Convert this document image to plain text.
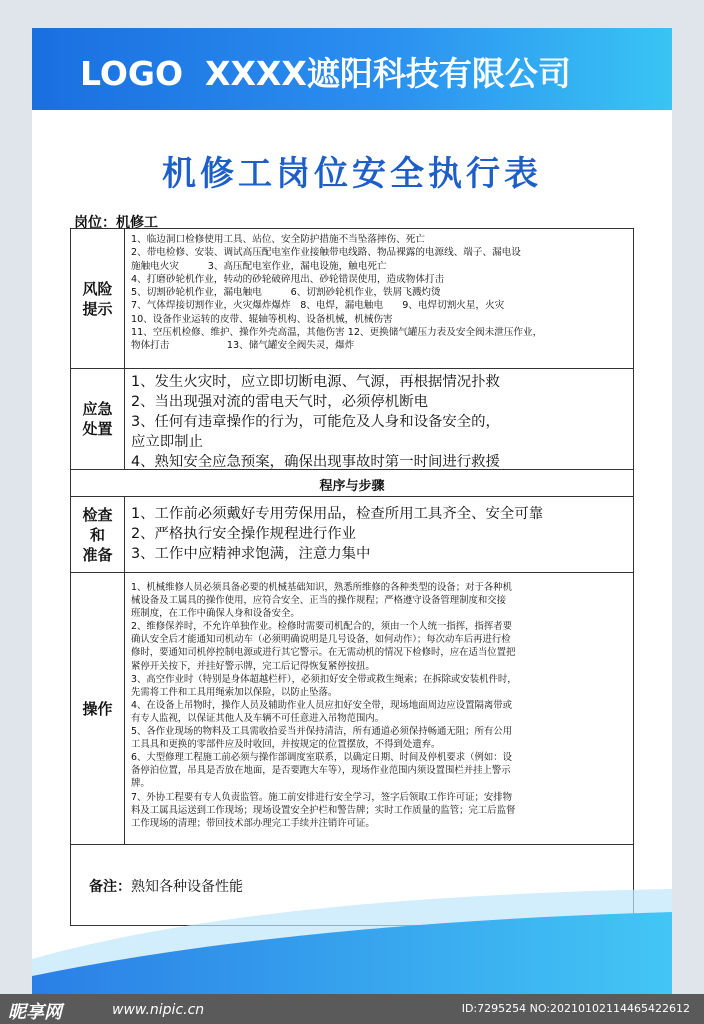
LOGO XXXX遮阳科技有限公司
机修工岗位安全执行表
岗位：机修工
风险
提示
1、临边洞口检修使用工具、站位、安全防护措施不当坠落摔伤、死亡
2、带电检修、安装、调试高压配电室作业接触带电线路、物品裸露的电源线、端子、漏电设
施触电火灾　　　3、高压配电室作业，漏电设施，触电死亡
4、打磨砂轮机作业，转动的砂轮破碎甩出、砂轮错误使用，造成物体打击
5、切割砂轮机作业，漏电触电　　　6、切割砂轮机作业，铁屑飞溅灼烫
7、气体焊接切割作业，火灾爆炸爆炸　8、电焊，漏电触电　　9、电焊切割火星，火灾
10、设备作业运转的皮带、辊轴等机构、设备机械，机械伤害
11、空压机检修、维护、操作外壳高温，其他伤害 12、更换储气罐压力表及安全阀未泄压作业，
物体打击　　　　　　13、储气罐安全阀失灵，爆炸
应急
处置
1、发生火灾时，应立即切断电源、气源，再根据情况扑救
2、当出现强对流的雷电天气时，必须停机断电
3、任何有违章操作的行为，可能危及人身和设备安全的，
应立即制止
4、熟知安全应急预案，确保出现事故时第一时间进行救援
程序与步骤
检查
和
准备
1、工作前必须戴好专用劳保用品，检查所用工具齐全、安全可靠
2、严格执行安全操作规程进行作业
3、工作中应精神求饱满，注意力集中
操作
1、机械维修人员必须具备必要的机械基础知识，熟悉所维修的各种类型的设备；对于各种机
械设备及工属具的操作使用，应符合安全、正当的操作规程；严格遵守设备管理制度和交接
班制度，在工作中确保人身和设备安全。
2、维修保养时，不允许单独作业。检修时需要司机配合的，须由一个人统一指挥，指挥者要
确认安全后才能通知司机动车（必须明确说明是几号设备，如何动作）；每次动车后再进行检
修时，要通知司机停控制电源或进行其它警示。在无需动机的情况下检修时，应在适当位置把
紧停开关按下，并挂好警示牌，完工后记得恢复紧停按扭。
3、高空作业时（特别是身体超越栏杆），必须扣好安全带或救生绳索；在拆除或安装机件时，
先需将工件和工具用绳索加以保险，以防止坠落。
4、在设备上吊物时，操作人员及辅助作业人员应扣好安全带，现场地面周边应设置隔离带或
有专人监视，以保证其他人及车辆不可任意进入吊物范围内。
5、各作业现场的物料及工具需收拾妥当并保持清洁，所有通道必须保持畅通无阻；所有公用
工具具和更换的零部件应及时收回，并按规定的位置摆放，不得到处遗弃。
6、大型修理工程施工前必须与操作部调度室联系，以确定日期、时间及停机要求（例如：设
备停泊位置，吊具是否放在地面，是否要跑大车等），现场作业范围内须设置围栏并挂上警示
牌。
7、外协工程要有专人负责监管。施工前安排进行安全学习，签字后领取工作许可证；安排物
料及工属具运送到工作现场；现场设置安全护栏和警告牌；实时工作质量的监管；完工后监督
工作现场的清理；带回技术部办理完工手续并注销许可证。
备注：熟知各种设备性能
昵享网	www.nipic.cn	ID:7295254 NO:20210102114465422612
